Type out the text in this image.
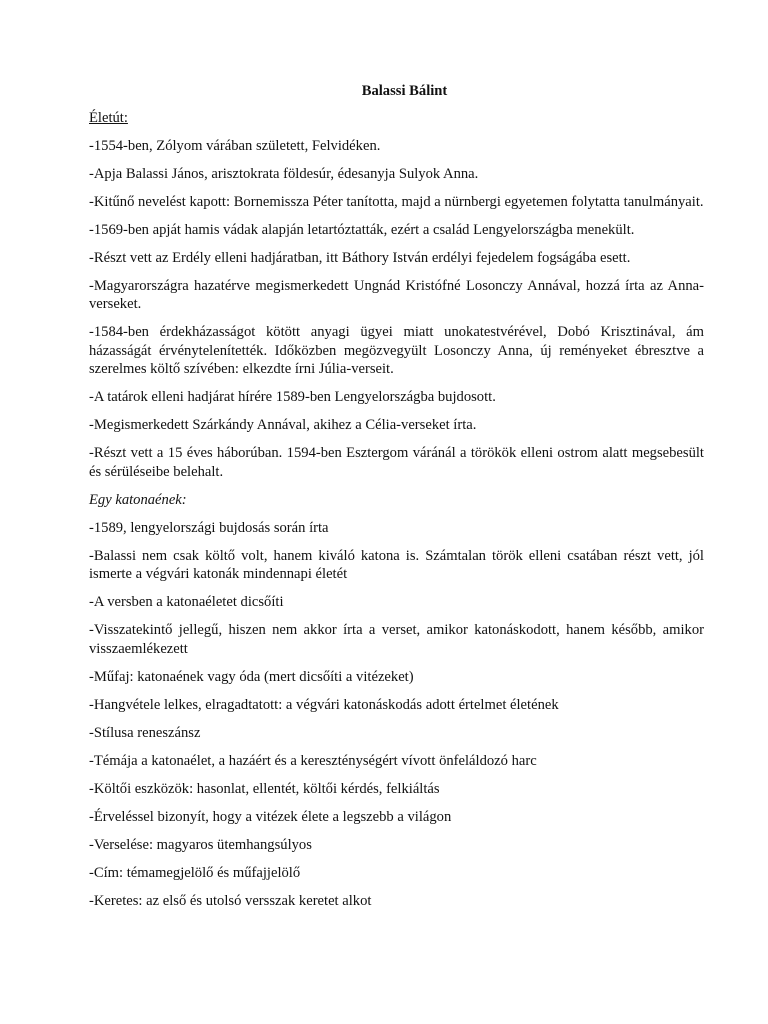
Balassi Bálint
Életút:
-1554-ben, Zólyom várában született, Felvidéken.
-Apja Balassi János, arisztokrata földesúr, édesanyja Sulyok Anna.
-Kitűnő nevelést kapott: Bornemissza Péter tanította, majd a nürnbergi egyetemen folytatta tanulmányait.
-1569-ben apját hamis vádak alapján letartóztatták, ezért a család Lengyelországba menekült.
-Részt vett az Erdély elleni hadjáratban, itt Báthory István erdélyi fejedelem fogságába esett.
-Magyarországra hazatérve megismerkedett Ungnád Kristófné Losonczy Annával, hozzá írta az Anna-verseket.
-1584-ben érdekházasságot kötött anyagi ügyei miatt unokatestvérével, Dobó Krisztinával, ám házasságát érvénytelenítették. Időközben megözvegyült Losonczy Anna, új reményeket ébresztve a szerelmes költő szívében: elkezdte írni Júlia-verseit.
-A tatárok elleni hadjárat hírére 1589-ben Lengyelországba bujdosott.
-Megismerkedett Szárkándy Annával, akihez a Célia-verseket írta.
-Részt vett a 15 éves háborúban. 1594-ben Esztergom váránál a törökök elleni ostrom alatt megsebesült és sérüléseibe belehalt.
Egy katonaének:
-1589, lengyelországi bujdosás során írta
-Balassi nem csak költő volt, hanem kiváló katona is. Számtalan török elleni csatában részt vett, jól ismerte a végvári katonák mindennapi életét
-A versben a katonaéletet dicsőíti
-Visszatekintő jellegű, hiszen nem akkor írta a verset, amikor katonáskodott, hanem később, amikor visszaemlékezett
-Műfaj: katonaének vagy óda (mert dicsőíti a vitézeket)
-Hangvétele lelkes, elragadtatott: a végvári katonáskodás adott értelmet életének
-Stílusa reneszánsz
-Témája a katonaélet, a hazáért és a kereszténységért vívott önfeláldozó harc
-Költői eszközök: hasonlat, ellentét, költői kérdés, felkiáltás
-Érveléssel bizonyít, hogy a vitézek élete a legszebb a világon
-Verselése: magyaros ütemhangsúlyos
-Cím: témamegjelölő és műfajjelölő
-Keretes: az első és utolsó versszak keretet alkot
